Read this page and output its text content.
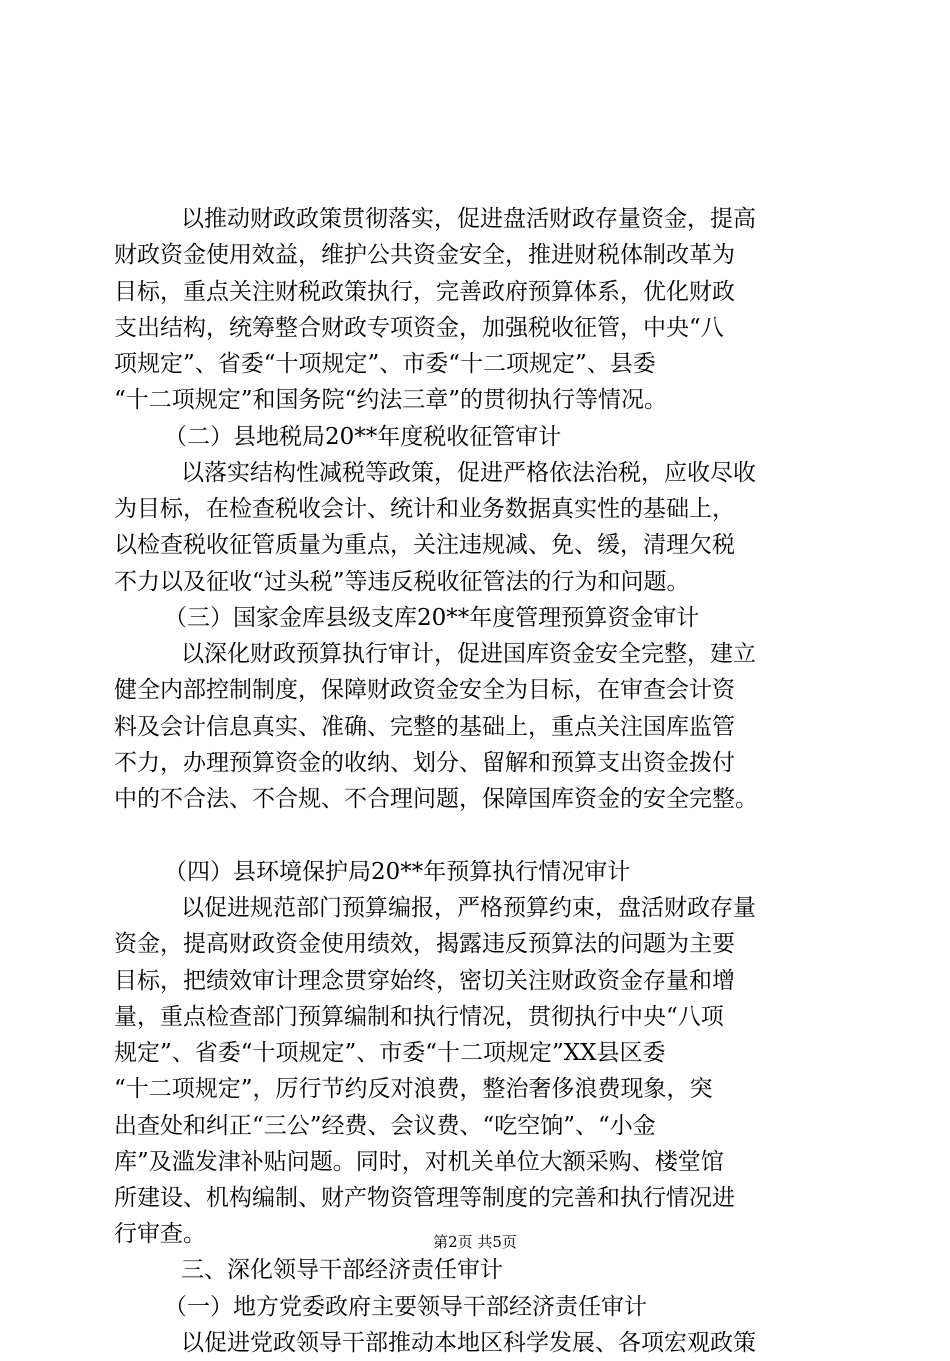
以推动财政政策贯彻落实，促进盘活财政存量资金，提高
财政资金使用效益，维护公共资金安全，推进财税体制改革为
目标，重点关注财税政策执行，完善政府预算体系，优化财政
支出结构，统筹整合财政专项资金，加强税收征管，中央“八
项规定”、省委“十项规定”、市委“十二项规定”、县委
“十二项规定”和国务院“约法三章”的贯彻执行等情况。
（二）县地税局20**年度税收征管审计
以落实结构性减税等政策，促进严格依法治税，应收尽收
为目标，在检查税收会计、统计和业务数据真实性的基础上，
以检查税收征管质量为重点，关注违规减、免、缓，清理欠税
不力以及征收“过头税”等违反税收征管法的行为和问题。
（三）国家金库县级支库20**年度管理预算资金审计
以深化财政预算执行审计，促进国库资金安全完整，建立
健全内部控制制度，保障财政资金安全为目标，在审查会计资
料及会计信息真实、准确、完整的基础上，重点关注国库监管
不力，办理预算资金的收纳、划分、留解和预算支出资金拨付
中的不合法、不合规、不合理问题，保障国库资金的安全完整。
（四）县环境保护局20**年预算执行情况审计
以促进规范部门预算编报，严格预算约束，盘活财政存量
资金，提高财政资金使用绩效，揭露违反预算法的问题为主要
目标，把绩效审计理念贯穿始终，密切关注财政资金存量和增
量，重点检查部门预算编制和执行情况，贯彻执行中央“八项
规定”、省委“十项规定”、市委“十二项规定”XX县区委
“十二项规定”，厉行节约反对浪费，整治奢侈浪费现象，突
出查处和纠正“三公”经费、会议费、“吃空饷”、“小金
库”及滥发津补贴问题。同时，对机关单位大额采购、楼堂馆
所建设、机构编制、财产物资管理等制度的完善和执行情况进
行审查。
三、深化领导干部经济责任审计
（一）地方党委政府主要领导干部经济责任审计
以促进党政领导干部推动本地区科学发展、各项宏观政策
第2页 共5页
